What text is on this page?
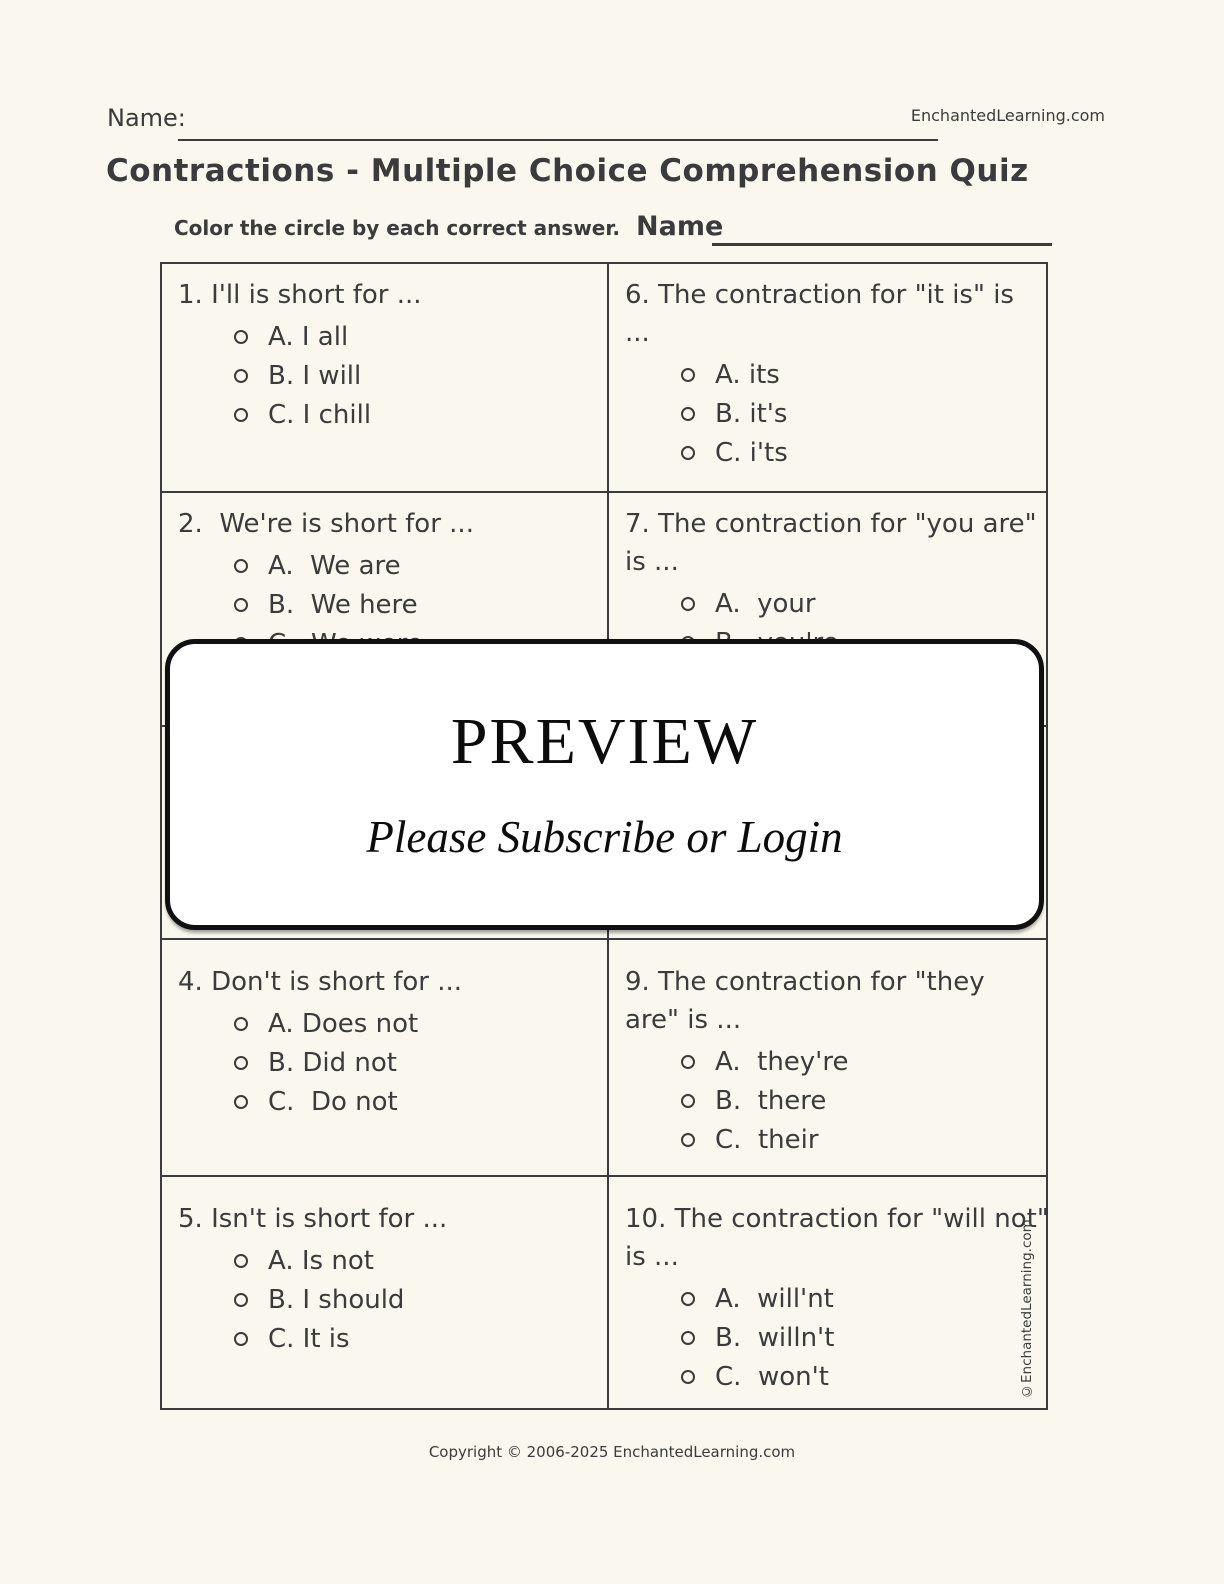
Name:	EnchantedLearning.com
Contractions - Multiple Choice Comprehension Quiz
Color the circle by each correct answer. Name
1. I'll is short for ...
A. I all
B. I will
C. I chill
6. The contraction for "it is" is
...
A. its
B. it's
C. i'ts
2.  We're is short for ...
A.  We are
B.  We here
7. The contraction for "you are"
is ...
A.  your
4. Don't is short for ...
A. Does not
B. Did not
C.  Do not
9. The contraction for "they
are" is ...
A.  they're
B.  there
C.  their
5. Isn't is short for ...
A. Is not
B. I should
C. It is
10. The contraction for "will not"
is ...
A.  will'nt
B.  willn't
C.  won't	©EnchantedLearning.com
PREVIEW
Please Subscribe or Login
Copyright © 2006-2025 EnchantedLearning.com
